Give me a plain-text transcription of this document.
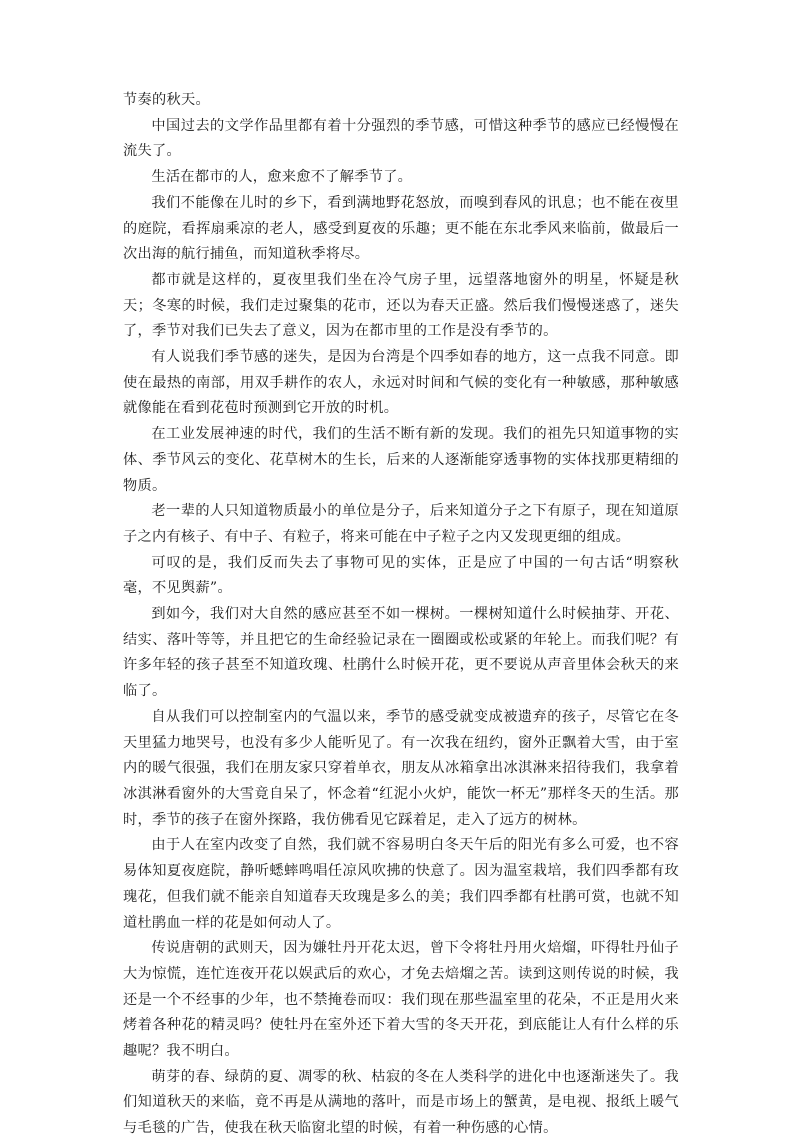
节奏的秋天。

中国过去的文学作品里都有着十分强烈的季节感，可惜这种季节的感应已经慢慢在流失了。

生活在都市的人，愈来愈不了解季节了。

我们不能像在儿时的乡下，看到满地野花怒放，而嗅到春风的讯息；也不能在夜里的庭院，看挥扇乘凉的老人，感受到夏夜的乐趣；更不能在东北季风来临前，做最后一次出海的航行捕鱼，而知道秋季将尽。

都市就是这样的，夏夜里我们坐在冷气房子里，远望落地窗外的明星，怀疑是秋天；冬寒的时候，我们走过聚集的花市，还以为春天正盛。然后我们慢慢迷惑了，迷失了，季节对我们已失去了意义，因为在都市里的工作是没有季节的。

有人说我们季节感的迷失，是因为台湾是个四季如春的地方，这一点我不同意。即使在最热的南部，用双手耕作的农人，永远对时间和气候的变化有一种敏感，那种敏感就像能在看到花苞时预测到它开放的时机。

在工业发展神速的时代，我们的生活不断有新的发现。我们的祖先只知道事物的实体、季节风云的变化、花草树木的生长，后来的人逐渐能穿透事物的实体找那更精细的物质。

老一辈的人只知道物质最小的单位是分子，后来知道分子之下有原子，现在知道原子之内有核子、有中子、有粒子，将来可能在中子粒子之内又发现更细的组成。

可叹的是，我们反而失去了事物可见的实体，正是应了中国的一句古话“明察秋毫，不见舆薪”。

到如今，我们对大自然的感应甚至不如一棵树。一棵树知道什么时候抽芽、开花、结实、落叶等等，并且把它的生命经验记录在一圈圈或松或紧的年轮上。而我们呢？有许多年轻的孩子甚至不知道玫瑰、杜鹃什么时候开花，更不要说从声音里体会秋天的来临了。

自从我们可以控制室内的气温以来，季节的感受就变成被遗弃的孩子，尽管它在冬天里猛力地哭号，也没有多少人能听见了。有一次我在纽约，窗外正飘着大雪，由于室内的暖气很强，我们在朋友家只穿着单衣，朋友从冰箱拿出冰淇淋来招待我们，我拿着冰淇淋看窗外的大雪竟自呆了，怀念着“红泥小火炉，能饮一杯无”那样冬天的生活。那时，季节的孩子在窗外探路，我仿佛看见它踩着足，走入了远方的树林。

由于人在室内改变了自然，我们就不容易明白冬天午后的阳光有多么可爱，也不容易体知夏夜庭院，静听蟋蟀鸣唱任凉风吹拂的快意了。因为温室栽培，我们四季都有玫瑰花，但我们就不能亲自知道春天玫瑰是多么的美；我们四季都有杜鹃可赏，也就不知道杜鹃血一样的花是如何动人了。

传说唐朝的武则天，因为嫌牡丹开花太迟，曾下令将牡丹用火焙熘，吓得牡丹仙子大为惊慌，连忙连夜开花以娱武后的欢心，才免去焙熘之苦。读到这则传说的时候，我还是一个不经事的少年，也不禁掩卷而叹：我们现在那些温室里的花朵，不正是用火来烤着各种花的精灵吗？使牡丹在室外还下着大雪的冬天开花，到底能让人有什么样的乐趣呢？我不明白。

萌芽的春、绿荫的夏、凋零的秋、枯寂的冬在人类科学的进化中也逐渐迷失了。我们知道秋天的来临，竟不再是从满地的落叶，而是市场上的蟹黄，是电视、报纸上暖气与毛毯的广告，使我在秋天临窗北望的时候，有着一种伤感的心情。
